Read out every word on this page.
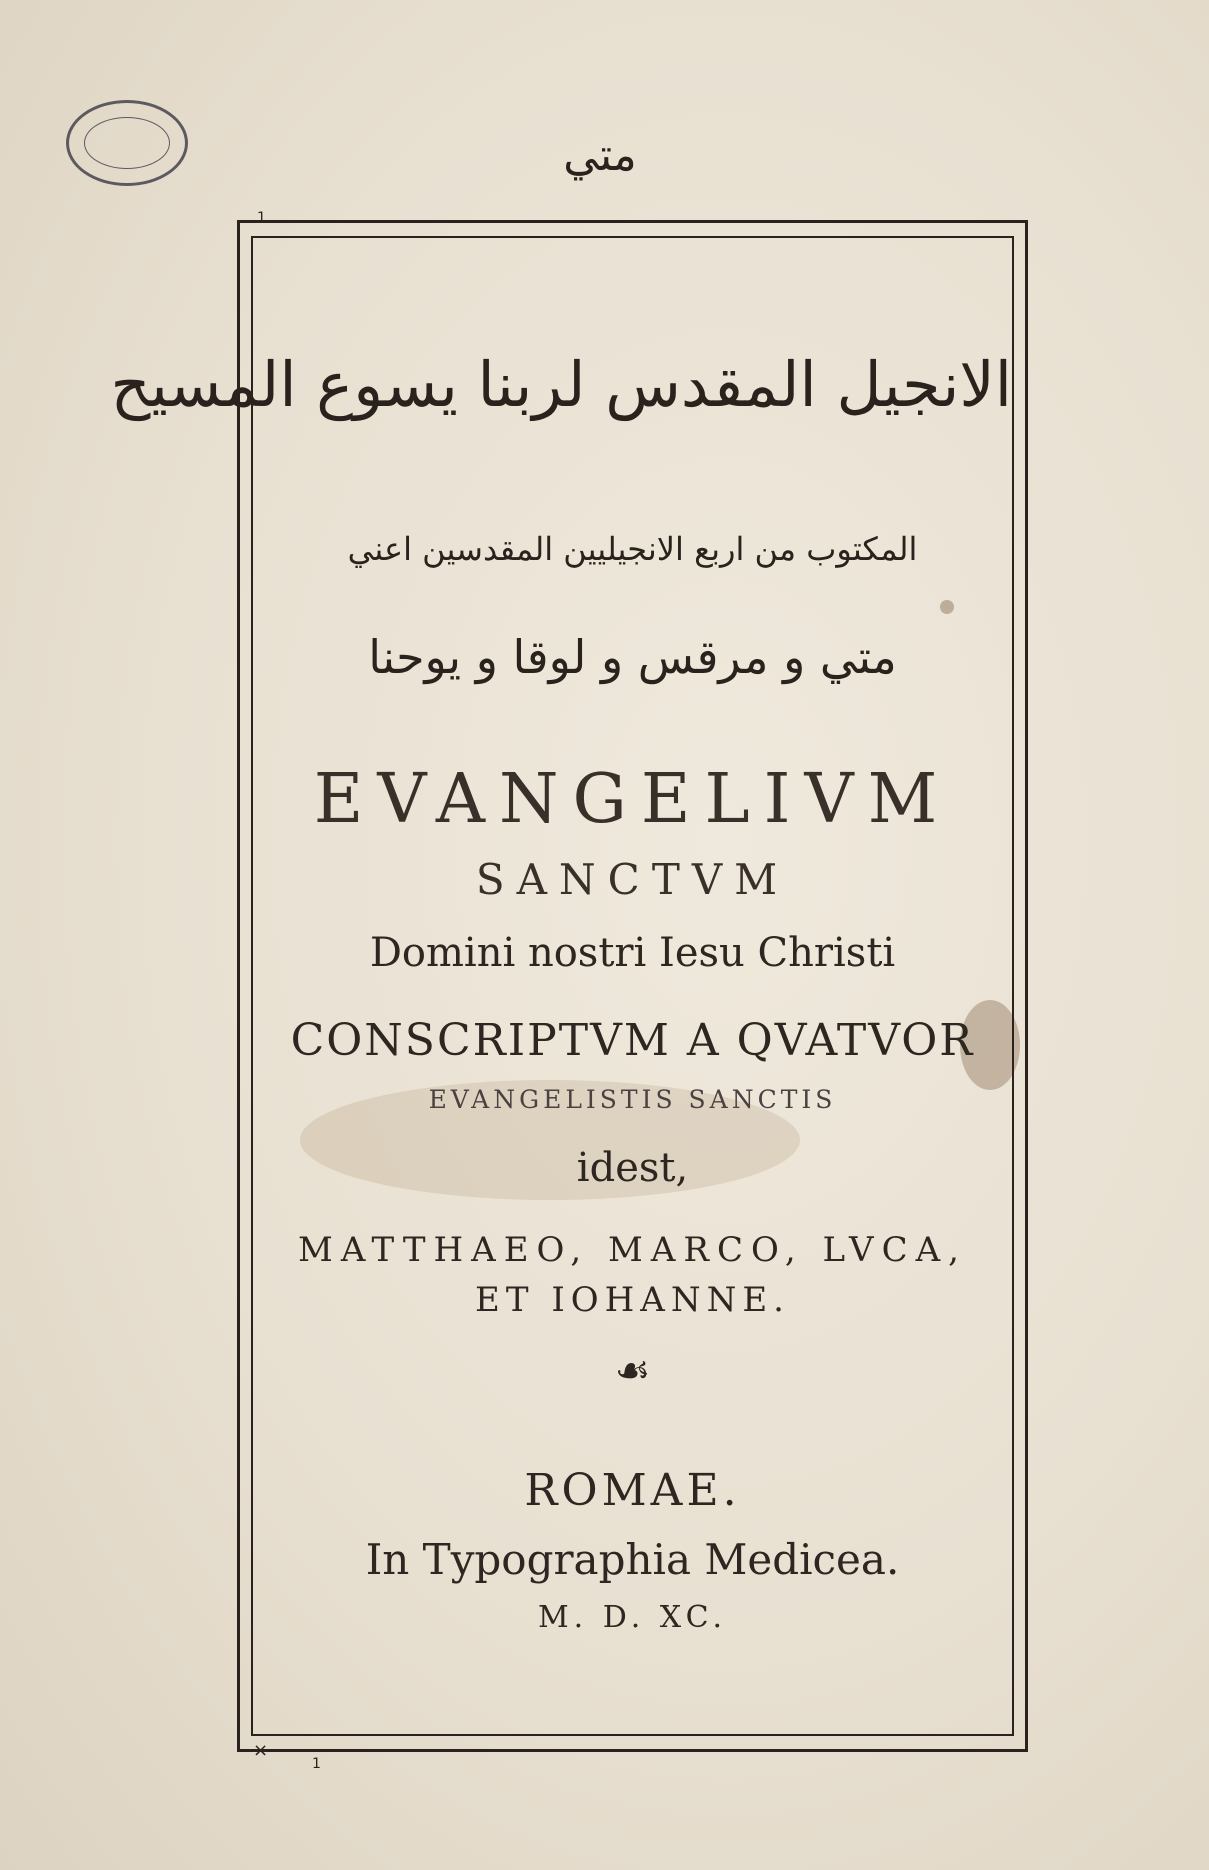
متي
1
×
1
الانجيل المقدس لربنا يسوع المسيح
المكتوب من اربع الانجيليين المقدسين اعني
متي و مرقس و لوقا و يوحنا
EVANGELIVM
SANCTVM
Domini nostri Iesu Christi
CONSCRIPTVM A QVATVOR
EVANGELISTIS SANCTIS
idest,
MATTHAEO, MARCO, LVCA,
ET IOHANNE.
☙
ROMAE.
In Typographia Medicea.
M. D. XC.
